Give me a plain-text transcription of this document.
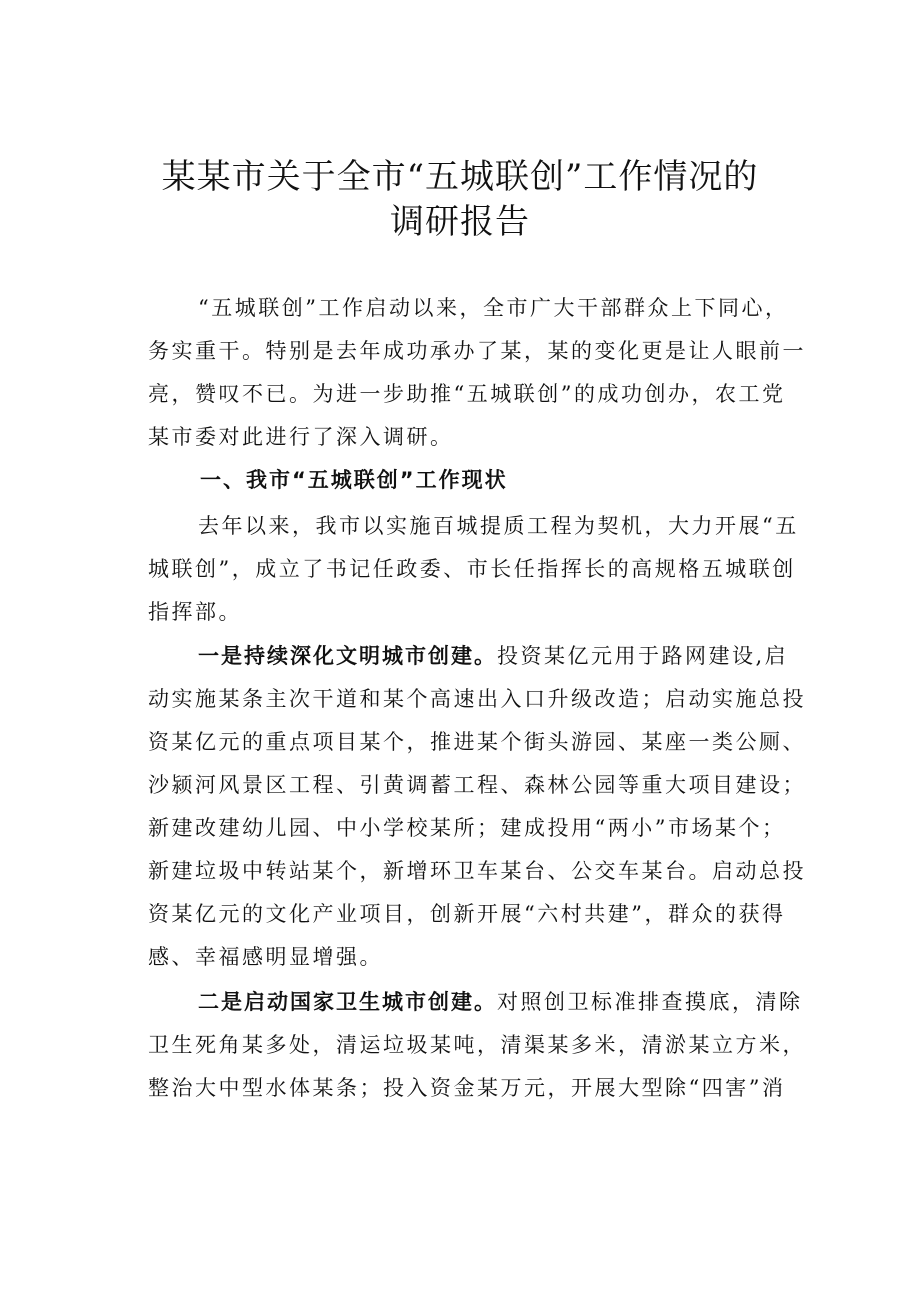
某某市关于全市“五城联创”工作情况的
调研报告
“五城联创”工作启动以来，全市广大干部群众上下同心，
务实重干。特别是去年成功承办了某，某的变化更是让人眼前一
亮，赞叹不已。为进一步助推“五城联创”的成功创办，农工党
某市委对此进行了深入调研。
一、我市“五城联创”工作现状
去年以来，我市以实施百城提质工程为契机，大力开展“五
城联创”，成立了书记任政委、市长任指挥长的高规格五城联创
指挥部。
一是持续深化文明城市创建。投资某亿元用于路网建设,启
动实施某条主次干道和某个高速出入口升级改造；启动实施总投
资某亿元的重点项目某个，推进某个街头游园、某座一类公厕、
沙颍河风景区工程、引黄调蓄工程、森林公园等重大项目建设；
新建改建幼儿园、中小学校某所；建成投用“两小”市场某个；
新建垃圾中转站某个，新增环卫车某台、公交车某台。启动总投
资某亿元的文化产业项目，创新开展“六村共建”，群众的获得
感、幸福感明显增强。
二是启动国家卫生城市创建。对照创卫标准排查摸底，清除
卫生死角某多处，清运垃圾某吨，清渠某多米，清淤某立方米，
整治大中型水体某条；投入资金某万元，开展大型除“四害”消
